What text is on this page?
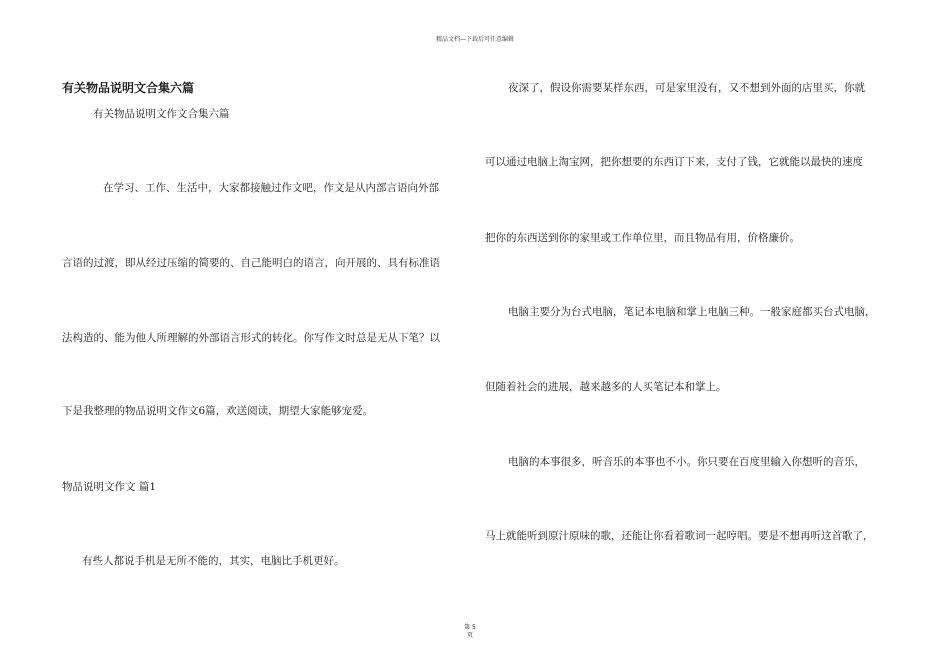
精品文档—下载后可任意编辑
有关物品说明文合集六篇
有关物品说明文作文合集六篇
在学习、工作、生活中，大家都接触过作文吧，作文是从内部言语向外部
言语的过渡，即从经过压缩的简要的、自己能明白的语言，向开展的、具有标准语
法构造的、能为他人所理解的外部语言形式的转化。你写作文时总是无从下笔？以
下是我整理的物品说明文作文6篇，欢送阅读，期望大家能够宠爱。
物品说明文作文 篇1
有些人都说手机是无所不能的，其实，电脑比手机更好。
夜深了，假设你需要某样东西，可是家里没有，又不想到外面的店里买，你就
可以通过电脑上淘宝网，把你想要的东西订下来，支付了钱，它就能以最快的速度
把你的东西送到你的家里或工作单位里，而且物品有用，价格廉价。
电脑主要分为台式电脑，笔记本电脑和掌上电脑三种。一般家庭都买台式电脑，
但随着社会的进展，越来越多的人买笔记本和掌上。
电脑的本事很多，听音乐的本事也不小。你只要在百度里输入你想听的音乐，
马上就能听到原汁原味的歌，还能让你看着歌词一起哼唱。要是不想再听这首歌了，
第 5
页
